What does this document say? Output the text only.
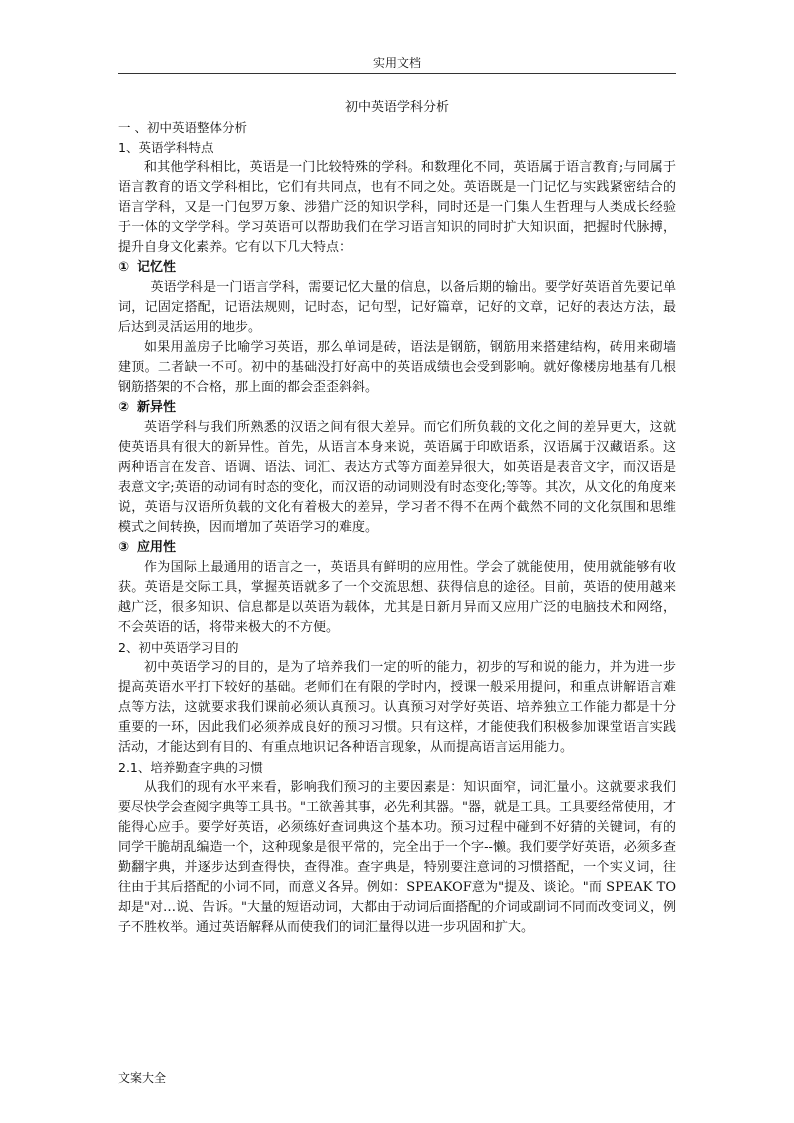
实用文档

初中英语学科分析

一 、初中英语整体分析

1、英语学科特点

和其他学科相比，英语是一门比较特殊的学科。和数理化不同，英语属于语言教育;与同属于语言教育的语文学科相比，它们有共同点，也有不同之处。英语既是一门记忆与实践紧密结合的语言学科，又是一门包罗万象、涉猎广泛的知识学科，同时还是一门集人生哲理与人类成长经验于一体的文学学科。学习英语可以帮助我们在学习语言知识的同时扩大知识面，把握时代脉搏，提升自身文化素养。它有以下几大特点：

① 记忆性

英语学科是一门语言学科，需要记忆大量的信息，以备后期的输出。要学好英语首先要记单词，记固定搭配，记语法规则，记时态，记句型，记好篇章，记好的文章，记好的表达方法，最后达到灵活运用的地步。

如果用盖房子比喻学习英语，那么单词是砖，语法是钢筋，钢筋用来搭建结构，砖用来砌墙建顶。二者缺一不可。初中的基础没打好高中的英语成绩也会受到影响。就好像楼房地基有几根钢筋搭架的不合格，那上面的都会歪歪斜斜。

② 新异性

英语学科与我们所熟悉的汉语之间有很大差异。而它们所负载的文化之间的差异更大，这就使英语具有很大的新异性。首先，从语言本身来说，英语属于印欧语系，汉语属于汉藏语系。这两种语言在发音、语调、语法、词汇、表达方式等方面差异很大，如英语是表音文字，而汉语是表意文字;英语的动词有时态的变化，而汉语的动词则没有时态变化;等等。其次，从文化的角度来说，英语与汉语所负载的文化有着极大的差异，学习者不得不在两个截然不同的文化氛围和思维模式之间转换，因而增加了英语学习的难度。

③ 应用性

作为国际上最通用的语言之一，英语具有鲜明的应用性。学会了就能使用，使用就能够有收获。英语是交际工具，掌握英语就多了一个交流思想、获得信息的途径。目前，英语的使用越来越广泛，很多知识、信息都是以英语为载体，尤其是日新月异而又应用广泛的电脑技术和网络，不会英语的话，将带来极大的不方便。

2、初中英语学习目的

初中英语学习的目的，是为了培养我们一定的听的能力，初步的写和说的能力，并为进一步提高英语水平打下较好的基础。老师们在有限的学时内，授课一般采用提问，和重点讲解语言难点等方法，这就要求我们课前必须认真预习。认真预习对学好英语、培养独立工作能力都是十分重要的一环，因此我们必须养成良好的预习习惯。只有这样，才能使我们积极参加课堂语言实践活动，才能达到有目的、有重点地识记各种语言现象，从而提高语言运用能力。

2.1、培养勤查字典的习惯

从我们的现有水平来看，影响我们预习的主要因素是：知识面窄，词汇量小。这就要求我们要尽快学会查阅字典等工具书。"工欲善其事，必先利其器。"器，就是工具。工具要经常使用，才能得心应手。要学好英语，必须练好查词典这个基本功。预习过程中碰到不好猜的关键词，有的同学干脆胡乱编造一个，这种现象是很平常的，完全出于一个字--懒。我们要学好英语，必须多查勤翻字典，并逐步达到查得快，查得准。查字典是，特别要注意词的习惯搭配，一个实义词，往往由于其后搭配的小词不同，而意义各异。例如：SPEAKOF意为"提及、谈论。"而 SPEAK TO 却是"对…说、告诉。"大量的短语动词，大都由于动词后面搭配的介词或副词不同而改变词义，例子不胜枚举。通过英语解释从而使我们的词汇量得以进一步巩固和扩大。

文案大全
